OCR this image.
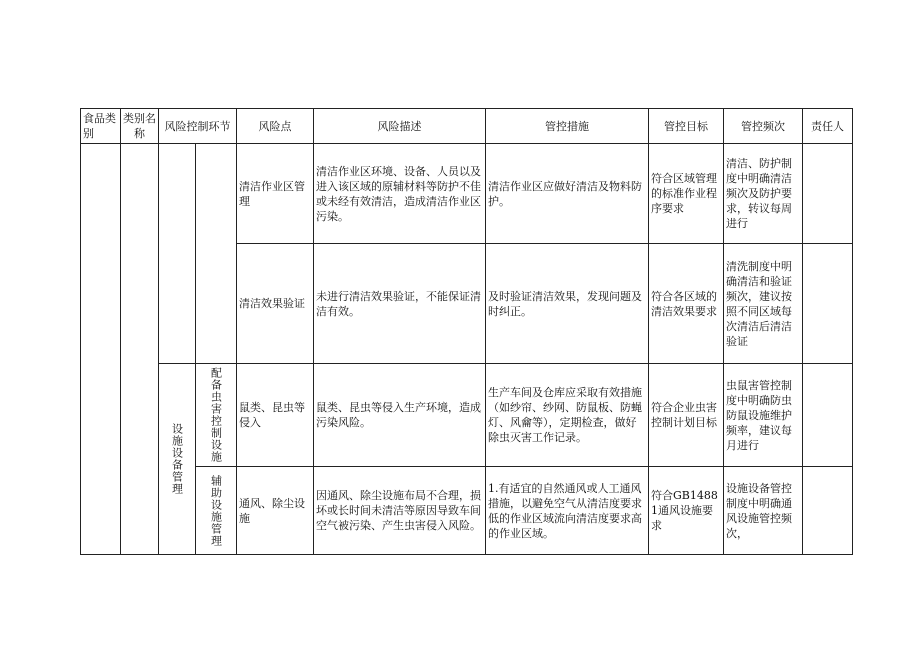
食品类别	类别名称	风险控制环节		风险点	风险描述	管控措施	管控目标	管控频次	责任人
				清洁作业区管理	清洁作业区环境、设备、人员以及进入该区域的原辅材料等防护不佳或未经有效清洁，造成清洁作业区污染。	清洁作业区应做好清洁及物料防护。	符合区域管理的标准作业程序要求	清洁、防护制度中明确清洁频次及防护要求，转议每周进行	
				清洁效果验证	未进行清洁效果验证，不能保证清洁有效。	及时验证清洁效果，发现问题及时纠正。	符合各区域的清洁效果要求	清洗制度中明确清洁和验证频次，建议按照不同区域每次清洁后清洁验证	

		设施设备管理	配备虫害控制设施	鼠类、昆虫等侵入	鼠类、昆虫等侵入生产环境，造成污染风险。	生产车间及仓库应采取有效措施（如纱帘、纱网、防鼠板、防蝇灯、风龠等），定期检查，做好除虫灭害工作记录。	符合企业虫害控制计划目标	虫鼠害管控制度中明确防虫防鼠设施维护频率，建议每月进行	

			辅助设施管理	通风、除尘设施	因通风、除尘设施布局不合理，损坏或长时间未清洁等原因导致车间空气被污染、产生虫害侵入风险。	1.有适宜的自然通风或人工通风措施，以避免空气从清洁度要求低的作业区域流向清洁度要求高的作业区域。	符合GB14881通风设施要求	设施设备管控制度中明确通风设施管控频次，	
